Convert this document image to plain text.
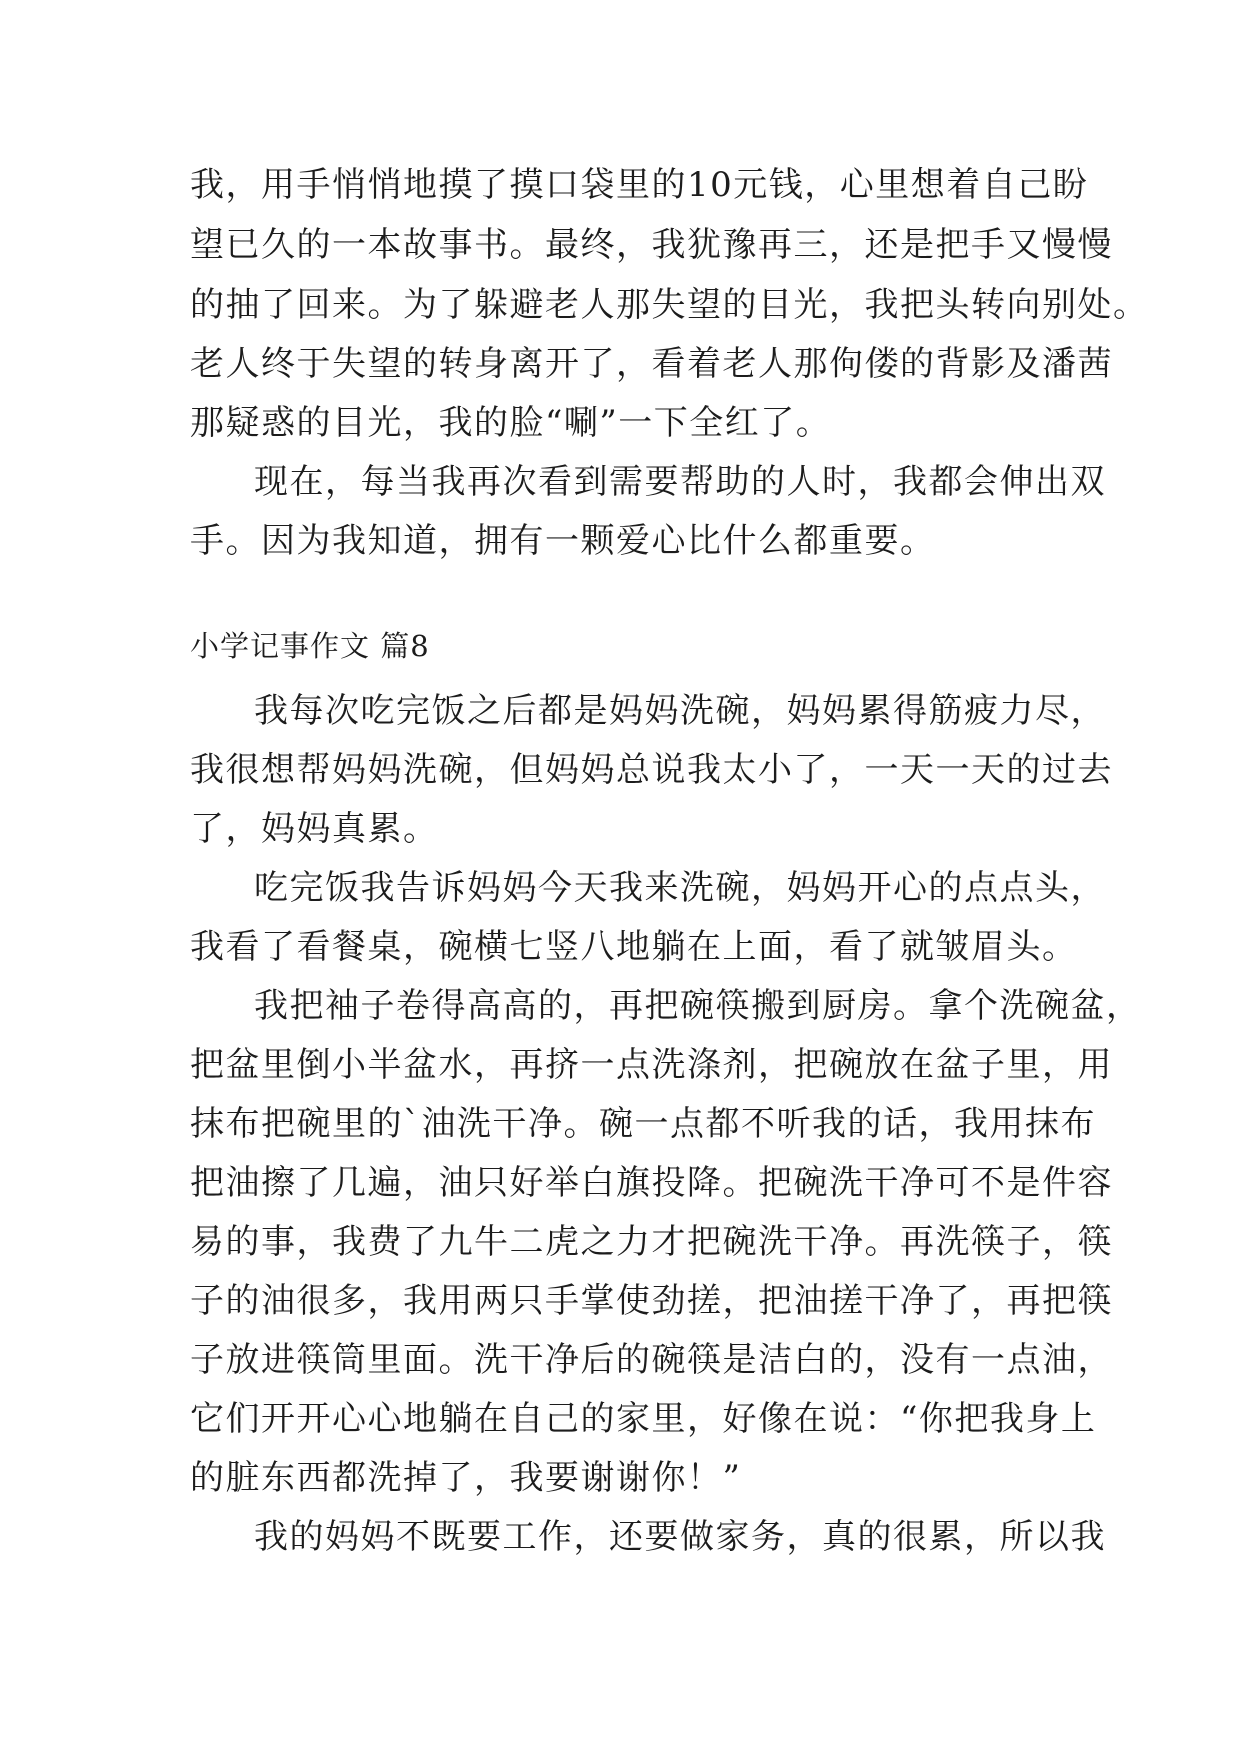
我，用手悄悄地摸了摸口袋里的10元钱，心里想着自己盼
望已久的一本故事书。最终，我犹豫再三，还是把手又慢慢
的抽了回来。为了躲避老人那失望的目光，我把头转向别处。
老人终于失望的转身离开了，看着老人那佝偻的背影及潘茜
那疑惑的目光，我的脸“唰”一下全红了。
现在，每当我再次看到需要帮助的人时，我都会伸出双
手。因为我知道，拥有一颗爱心比什么都重要。
小学记事作文 篇8
我每次吃完饭之后都是妈妈洗碗，妈妈累得筋疲力尽，
我很想帮妈妈洗碗，但妈妈总说我太小了，一天一天的过去
了，妈妈真累。
吃完饭我告诉妈妈今天我来洗碗，妈妈开心的点点头，
我看了看餐桌，碗横七竖八地躺在上面，看了就皱眉头。
我把袖子卷得高高的，再把碗筷搬到厨房。拿个洗碗盆，
把盆里倒小半盆水，再挤一点洗涤剂，把碗放在盆子里，用
抹布把碗里的`油洗干净。碗一点都不听我的话，我用抹布
把油擦了几遍，油只好举白旗投降。把碗洗干净可不是件容
易的事，我费了九牛二虎之力才把碗洗干净。再洗筷子，筷
子的油很多，我用两只手掌使劲搓，把油搓干净了，再把筷
子放进筷筒里面。洗干净后的碗筷是洁白的，没有一点油，
它们开开心心地躺在自己的家里，好像在说：“你把我身上
的脏东西都洗掉了，我要谢谢你！”
我的妈妈不既要工作，还要做家务，真的很累，所以我
